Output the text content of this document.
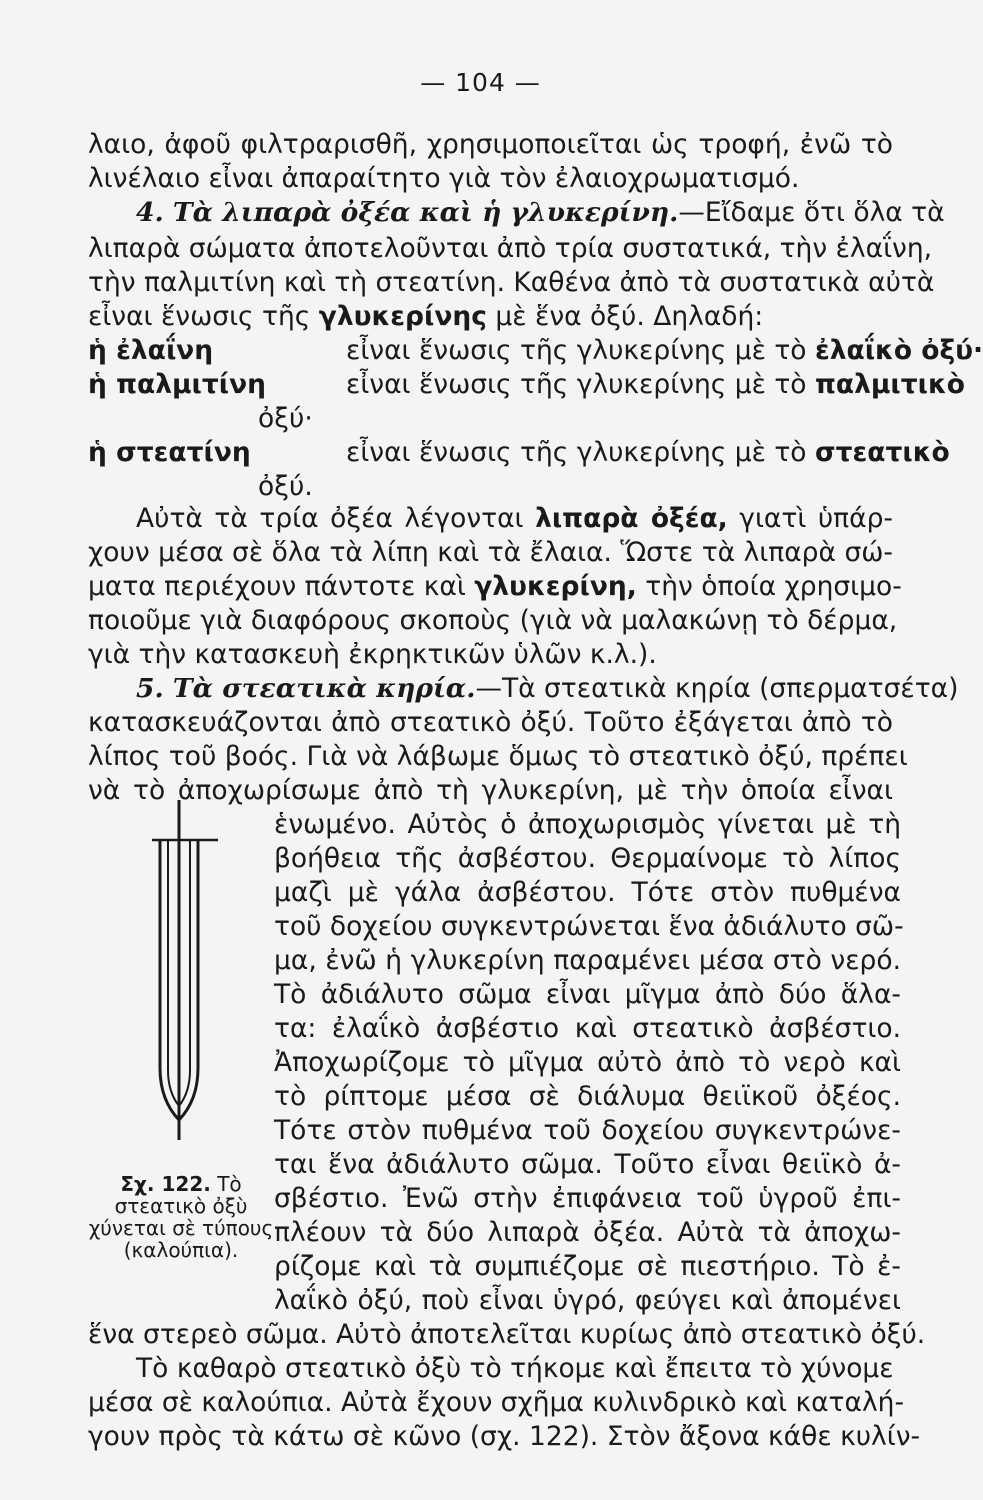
— 104 —
λαιο, ἀφοῦ φιλτραρισθῆ, χρησιμοποιεῖται ὡς τροφή, ἐνῶ τὸ
λινέλαιο εἶναι ἀπαραίτητο γιὰ τὸν ἐλαιοχρωματισμό.
4. Τὰ λιπαρὰ ὀξέα καὶ ἡ γλυκερίνη.—Εἴδαμε ὅτι ὅλα τὰ
λιπαρὰ σώματα ἀποτελοῦνται ἀπὸ τρία συστατικά, τὴν ἐλαΐνη,
τὴν παλμιτίνη καὶ τὴ στεατίνη. Καθένα ἀπὸ τὰ συστατικὰ αὐτὰ
εἶναι ἕνωσις τῆς γλυκερίνης μὲ ἕνα ὀξύ. Δηλαδή:
ἡ ἐλαΐνη	εἶναι ἕνωσις τῆς γλυκερίνης μὲ τὸ ἐλαΐκὸ ὀξύ·
ἡ παλμιτίνη	εἶναι ἕνωσις τῆς γλυκερίνης μὲ τὸ παλμιτικὸ
ὀξύ·
ἡ στεατίνη	εἶναι ἕνωσις τῆς γλυκερίνης μὲ τὸ στεατικὸ
ὀξύ.
Αὐτὰ τὰ τρία ὀξέα λέγονται λιπαρὰ ὀξέα, γιατὶ ὑπάρ-
χουν μέσα σὲ ὅλα τὰ λίπη καὶ τὰ ἔλαια. Ὥστε τὰ λιπαρὰ σώ-
ματα περιέχουν πάντοτε καὶ γλυκερίνη, τὴν ὁποία χρησιμο-
ποιοῦμε γιὰ διαφόρους σκοποὺς (γιὰ νὰ μαλακώνῃ τὸ δέρμα,
γιὰ τὴν κατασκευὴ ἐκρηκτικῶν ὑλῶν κ.λ.).
5. Τὰ στεατικὰ κηρία.—Τὰ στεατικὰ κηρία (σπερματσέτα)
κατασκευάζονται ἀπὸ στεατικὸ ὀξύ. Τοῦτο ἐξάγεται ἀπὸ τὸ
λίπος τοῦ βοός. Γιὰ νὰ λάβωμε ὅμως τὸ στεατικὸ ὀξύ, πρέπει
νὰ τὸ ἀποχωρίσωμε ἀπὸ τὴ γλυκερίνη, μὲ τὴν ὁποία εἶναι
ἑνωμένο. Αὐτὸς ὁ ἀποχωρισμὸς γίνεται μὲ τὴ
βοήθεια τῆς ἀσβέστου. Θερμαίνομε τὸ λίπος
μαζὶ μὲ γάλα ἀσβέστου. Τότε στὸν πυθμένα
τοῦ δοχείου συγκεντρώνεται ἕνα ἀδιάλυτο σῶ-
μα, ἐνῶ ἡ γλυκερίνη παραμένει μέσα στὸ νερό.
Τὸ ἀδιάλυτο σῶμα εἶναι μῖγμα ἀπὸ δύο ἅλα-
τα: ἐλαΐκὸ ἀσβέστιο καὶ στεατικὸ ἀσβέστιο.
Ἀποχωρίζομε τὸ μῖγμα αὐτὸ ἀπὸ τὸ νερὸ καὶ
τὸ ρίπτομε μέσα σὲ διάλυμα θειϊκοῦ ὀξέος.
Τότε στὸν πυθμένα τοῦ δοχείου συγκεντρώνε-
ται ἕνα ἀδιάλυτο σῶμα. Τοῦτο εἶναι θειϊκὸ ἀ-
σβέστιο. Ἐνῶ στὴν ἐπιφάνεια τοῦ ὑγροῦ ἐπι-
πλέουν τὰ δύο λιπαρὰ ὀξέα. Αὐτὰ τὰ ἀποχω-
ρίζομε καὶ τὰ συμπιέζομε σὲ πιεστήριο. Τὸ ἐ-
λαΐκὸ ὀξύ, ποὺ εἶναι ὑγρό, φεύγει καὶ ἀπομένει
ἕνα στερεὸ σῶμα. Αὐτὸ ἀποτελεῖται κυρίως ἀπὸ στεατικὸ ὀξύ.
Τὸ καθαρὸ στεατικὸ ὀξὺ τὸ τήκομε καὶ ἔπειτα τὸ χύνομε
μέσα σὲ καλούπια. Αὐτὰ ἔχουν σχῆμα κυλινδρικὸ καὶ καταλή-
γουν πρὸς τὰ κάτω σὲ κῶνο (σχ. 122). Στὸν ἄξονα κάθε κυλίν-
Σχ. 122. Τὸ στεατικὸ ὀξὺ χύνεται σὲ τύπους (καλούπια).
